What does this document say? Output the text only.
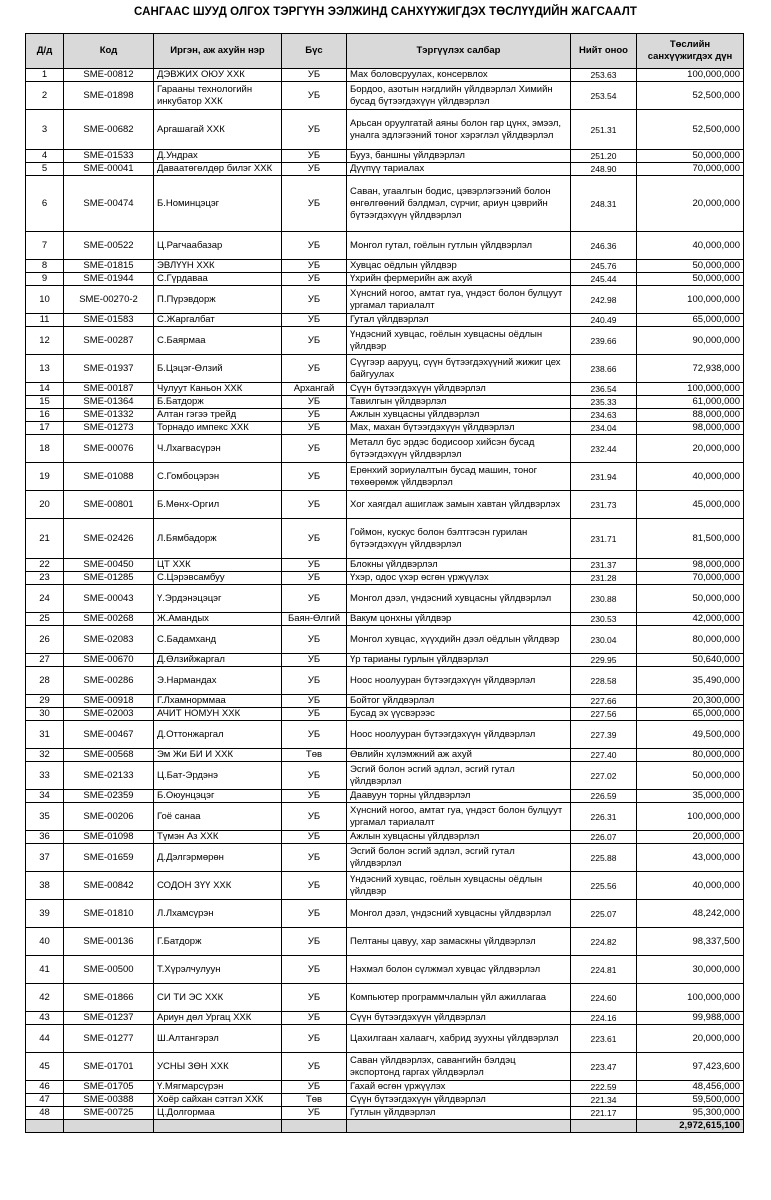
САНГААС ШУУД ОЛГОХ ТЭРГҮҮН ЭЭЛЖИНД САНХҮҮЖИГДЭХ ТӨСЛҮҮДИЙН ЖАГСААЛТ
Д/д	Код	Иргэн, аж ахуйн нэр	Бүс	Тэргүүлэх салбар	Нийт оноо	Төслийн санхүүжигдэх дүн
1	SME-00812	ДЭВЖИХ ОЮУ ХХК	УБ	Мах боловсруулах, консервлох	253.63	100,000,000
2	SME-01898	Гарааны технологийн инкубатор ХХК	УБ	Бордоо, азотын нэгдлийн үйлдвэрлэл Химийн бусад бүтээгдэхүүн үйлдвэрлэл	253.54	52,500,000
3	SME-00682	Аргашагай ХХК	УБ	Арьсан оруулгатай аяны болон гар цүнх, эмээл, уналга эдлэгээний тоног хэрэглэл үйлдвэрлэл	251.31	52,500,000
4	SME-01533	Д.Ундрах	УБ	Бууз, баншны үйлдвэрлэл	251.20	50,000,000
5	SME-00041	Даваатөгөлдөр билэг ХХК	УБ	Дүүпүү тариалах	248.90	70,000,000
6	SME-00474	Б.Номинцэцэг	УБ	Саван, угаалгын бодис, цэвэрлэгээний болон өнгөлгөөний бэлдмэл, сүрчиг, ариун цэврийн бүтээгдэхүүн үйлдвэрлэл	248.31	20,000,000
7	SME-00522	Ц.Рагчаабазар	УБ	Монгол гутал, гоёлын гутлын үйлдвэрлэл	246.36	40,000,000
8	SME-01815	ЭВЛҮҮН ХХК	УБ	Хувцас оёдлын үйлдвэр	245.76	50,000,000
9	SME-01944	С.Гүрдаваа	УБ	Үхрийн фермерийн аж ахуй	245.44	50,000,000
10	SME-00270-2	П.Пүрэвдорж	УБ	Хүнсний ногоо, амтат гуа, үндэст болон булцуут ургамал тариалалт	242.98	100,000,000
11	SME-01583	С.Жаргалбат	УБ	Гутал үйлдвэрлэл	240.49	65,000,000
12	SME-00287	С.Баярмаа	УБ	Үндэсний хувцас, гоёлын хувцасны оёдлын үйлдвэр	239.66	90,000,000
13	SME-01937	Б.Цэцэг-Өлзий	УБ	Сүүгээр аарууц, сүүн бүтээгдэхүүний жижиг цех байгуулах	238.66	72,938,000
14	SME-00187	Чулуут Каньон ХХК	Архангай	Сүүн бүтээгдэхүүн үйлдвэрлэл	236.54	100,000,000
15	SME-01364	Б.Батдорж	УБ	Тавилгын үйлдвэрлэл	235.33	61,000,000
16	SME-01332	Алтан гэгээ трейд	УБ	Ажлын хувцасны үйлдвэрлэл	234.63	88,000,000
17	SME-01273	Торнадо импекс ХХК	УБ	Мах, махан бүтээгдэхүүн үйлдвэрлэл	234.04	98,000,000
18	SME-00076	Ч.Лхагвасүрэн	УБ	Металл бус эрдэс бодисоор хийсэн бусад бүтээгдэхүүн үйлдвэрлэл	232.44	20,000,000
19	SME-01088	С.Гомбоцэрэн	УБ	Ерөнхий зориулалтын бусад машин, тоног төхөөрөмж үйлдвэрлэл	231.94	40,000,000
20	SME-00801	Б.Мөнх-Оргил	УБ	Хог хаягдал ашиглаж замын хавтан үйлдвэрлэх	231.73	45,000,000
21	SME-02426	Л.Бямбадорж	УБ	Гоймон, кускус болон бэлтгэсэн гурилан бүтээгдэхүүн үйлдвэрлэл	231.71	81,500,000
22	SME-00450	ЦТ ХХК	УБ	Блокны үйлдвэрлэл	231.37	98,000,000
23	SME-01285	С.Цэрэвсамбуу	УБ	Үхэр, одос үхэр өсгөн үржүүлэх	231.28	70,000,000
24	SME-00043	Ү.Эрдэнэцэцэг	УБ	Монгол дээл, үндэсний хувцасны үйлдвэрлэл	230.88	50,000,000
25	SME-00268	Ж.Амандых	Баян-Өлгий	Вакум цонхны үйлдвэр	230.53	42,000,000
26	SME-02083	С.Бадамханд	УБ	Монгол хувцас, хүүхдийн дээл оёдлын үйлдвэр	230.04	80,000,000
27	SME-00670	Д.Өлзийжаргал	УБ	Үр тарианы гурлын үйлдвэрлэл	229.95	50,640,000
28	SME-00286	Э.Нармандах	УБ	Ноос ноолууран бүтээгдэхүүн үйлдвэрлэл	228.58	35,490,000
29	SME-00918	Г.Лхамнорммаа	УБ	Бойтог үйлдвэрлэл	227.66	20,300,000
30	SME-02003	АЧИТ НОМУН ХХК	УБ	Бусад эх үүсвэрээс	227.56	65,000,000
31	SME-00467	Д.Оттонжаргал	УБ	Ноос ноолууран бүтээгдэхүүн үйлдвэрлэл	227.39	49,500,000
32	SME-00568	Эм Жи БИ И ХХК	Төв	Өвлийн хүлэмжний аж ахуй	227.40	80,000,000
33	SME-02133	Ц.Бат-Эрдэнэ	УБ	Эсгий болон эсгий эдлэл, эсгий гутал үйлдвэрлэл	227.02	50,000,000
34	SME-02359	Б.Оюунцэцэг	УБ	Даавуун торны үйлдвэрлэл	226.59	35,000,000
35	SME-00206	Гоё санаа	УБ	Хүнсний ногоо, амтат гуа, үндэст болон булцуут ургамал тариалалт	226.31	100,000,000
36	SME-01098	Түмэн Аз ХХК	УБ	Ажлын хувцасны үйлдвэрлэл	226.07	20,000,000
37	SME-01659	Д.Дэлгэрмөрөн	УБ	Эсгий болон эсгий эдлэл, эсгий гутал үйлдвэрлэл	225.88	43,000,000
38	SME-00842	СОДОН ЗҮҮ ХХК	УБ	Үндэсний хувцас, гоёлын хувцасны оёдлын үйлдвэр	225.56	40,000,000
39	SME-01810	Л.Лхамсүрэн	УБ	Монгол дээл, үндэсний хувцасны үйлдвэрлэл	225.07	48,242,000
40	SME-00136	Г.Батдорж	УБ	Пелтаны цавуу, хар замаскны үйлдвэрлэл	224.82	98,337,500
41	SME-00500	Т.Хүрэлчулуун	УБ	Нэхмэл болон сүлжмэл хувцас үйлдвэрлэл	224.81	30,000,000
42	SME-01866	СИ ТИ ЭС ХХК	УБ	Компьютер программчлалын үйл ажиллагаа	224.60	100,000,000
43	SME-01237	Ариун дөл Ургац ХХК	УБ	Сүүн бүтээгдэхүүн үйлдвэрлэл	224.16	99,988,000
44	SME-01277	Ш.Алтангэрэл	УБ	Цахилгаан халаагч, хабрид зуухны үйлдвэрлэл	223.61	20,000,000
45	SME-01701	УСНЫ ЗӨН ХХК	УБ	Саван үйлдвэрлэх, савангийн бэлдэц экспортонд гаргах үйлдвэрлэл	223.47	97,423,600
46	SME-01705	Ү.Мягмарсүрэн	УБ	Гахай өсгөн үржүүлэх	222.59	48,456,000
47	SME-00388	Хоёр сайхан сэтгэл ХХК	Төв	Сүүн бүтээгдэхүүн үйлдвэрлэл	221.34	59,500,000
48	SME-00725	Ц.Долгормаа	УБ	Гутлын үйлдвэрлэл	221.17	95,300,000
						2,972,615,100
